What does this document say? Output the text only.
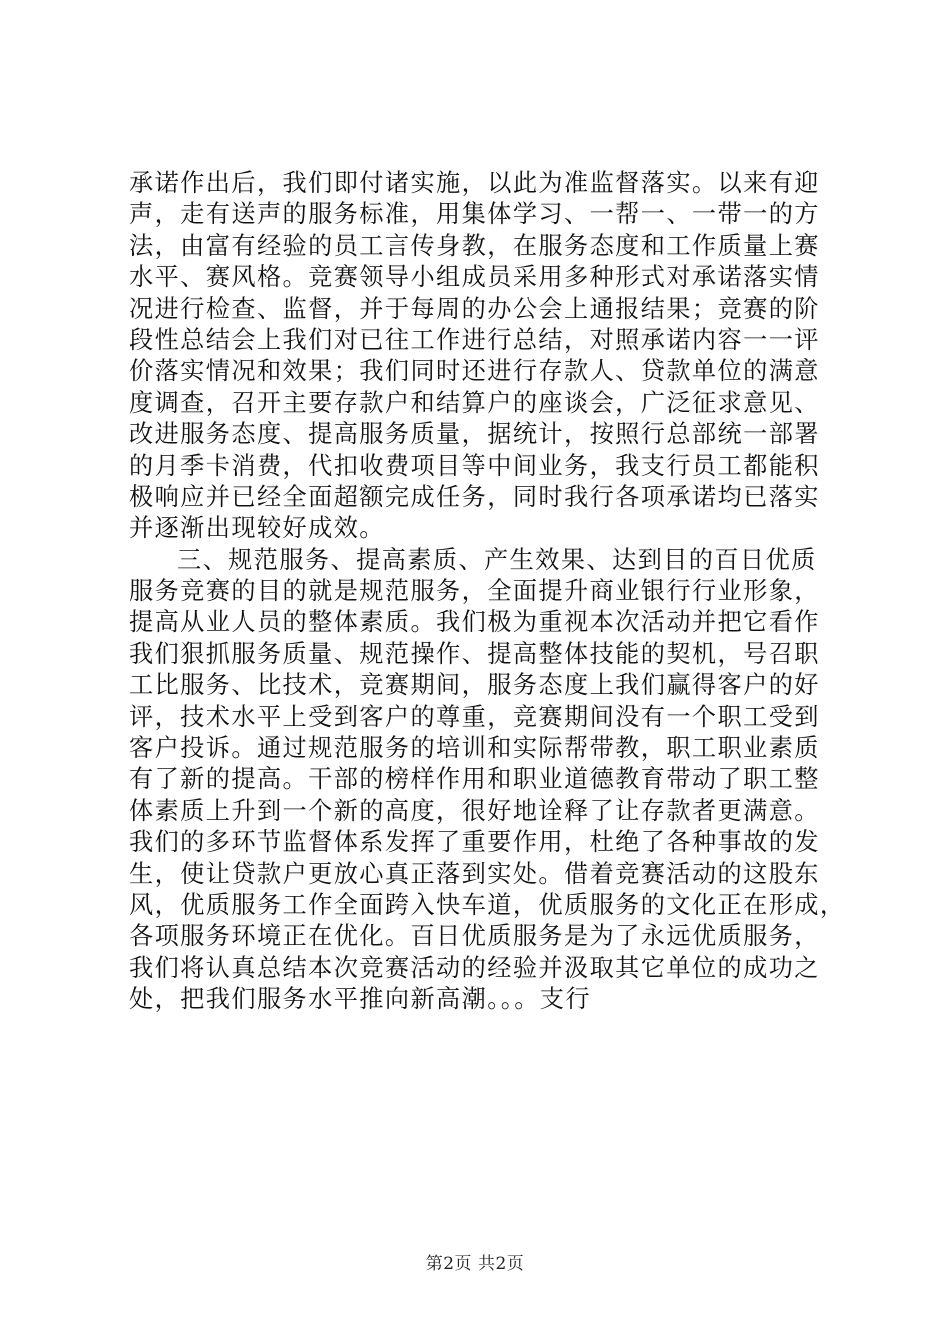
承诺作出后，我们即付诸实施，以此为准监督落实。以来有迎
声，走有送声的服务标准，用集体学习、一帮一、一带一的方
法，由富有经验的员工言传身教，在服务态度和工作质量上赛
水平、赛风格。竞赛领导小组成员采用多种形式对承诺落实情
况进行检查、监督，并于每周的办公会上通报结果；竞赛的阶
段性总结会上我们对已往工作进行总结，对照承诺内容一一评
价落实情况和效果；我们同时还进行存款人、贷款单位的满意
度调查，召开主要存款户和结算户的座谈会，广泛征求意见、
改进服务态度、提高服务质量，据统计，按照行总部统一部署
的月季卡消费，代扣收费项目等中间业务，我支行员工都能积
极响应并已经全面超额完成任务，同时我行各项承诺均已落实
并逐渐出现较好成效。
三、规范服务、提高素质、产生效果、达到目的百日优质
服务竞赛的目的就是规范服务，全面提升商业银行行业形象，
提高从业人员的整体素质。我们极为重视本次活动并把它看作
我们狠抓服务质量、规范操作、提高整体技能的契机，号召职
工比服务、比技术，竞赛期间，服务态度上我们赢得客户的好
评，技术水平上受到客户的尊重，竞赛期间没有一个职工受到
客户投诉。通过规范服务的培训和实际帮带教，职工职业素质
有了新的提高。干部的榜样作用和职业道德教育带动了职工整
体素质上升到一个新的高度，很好地诠释了让存款者更满意。
我们的多环节监督体系发挥了重要作用，杜绝了各种事故的发
生，使让贷款户更放心真正落到实处。借着竞赛活动的这股东
风，优质服务工作全面跨入快车道，优质服务的文化正在形成，
各项服务环境正在优化。百日优质服务是为了永远优质服务，
我们将认真总结本次竞赛活动的经验并汲取其它单位的成功之
处，把我们服务水平推向新高潮。。。支行
第2页 共2页
